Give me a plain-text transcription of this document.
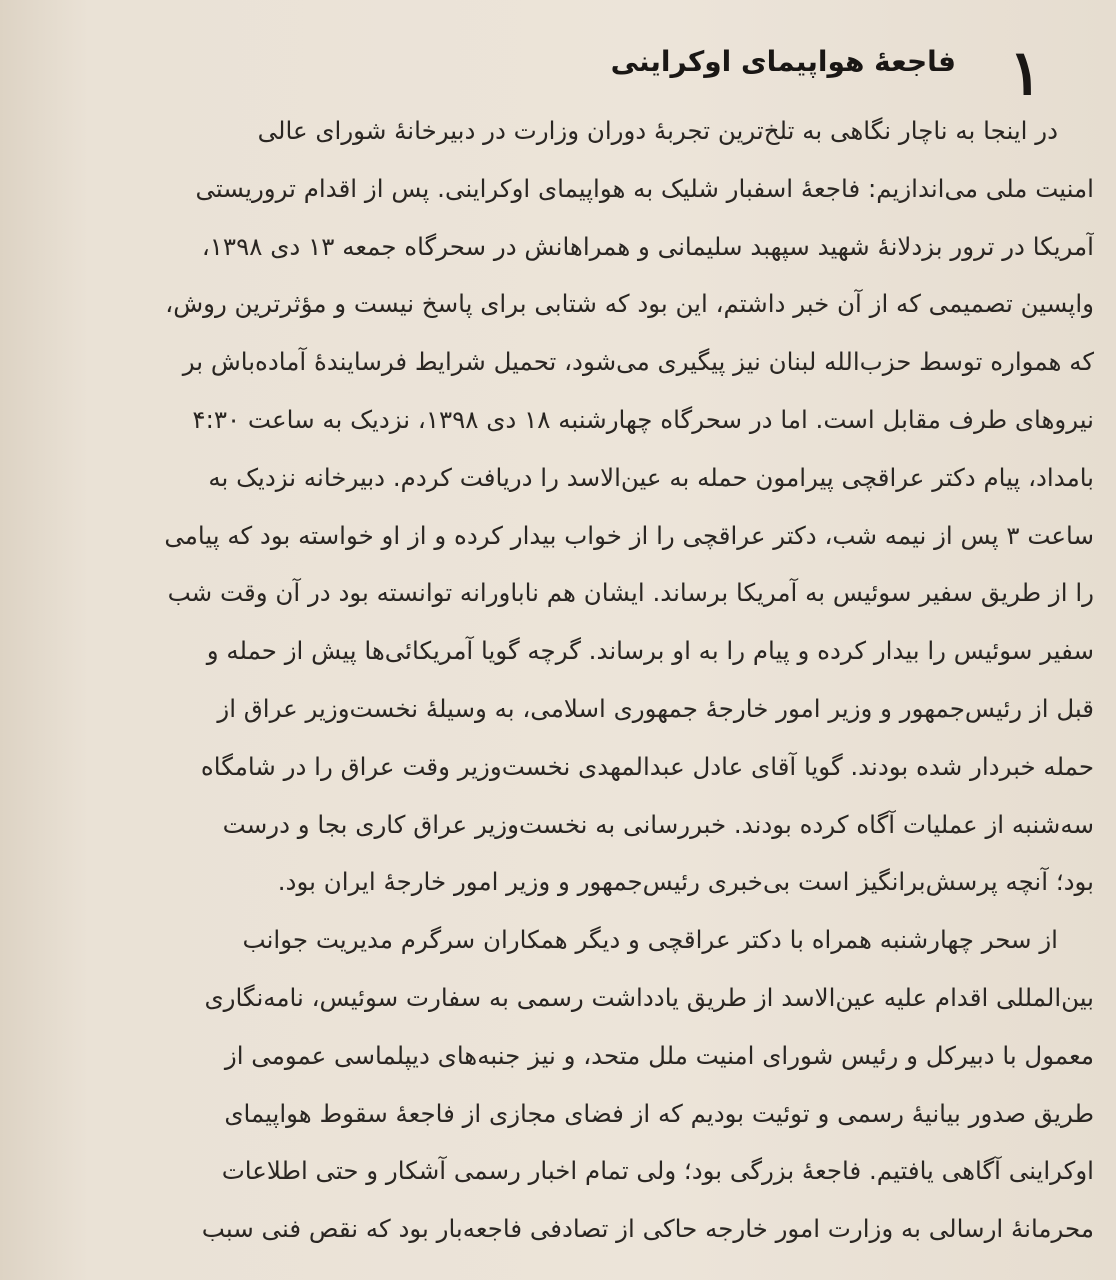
۱
فاجعهٔ هواپیمای اوکراینی
در اینجا به ناچار نگاهی به تلخ‌ترین تجربهٔ دوران وزارت در دبیرخانهٔ شورای عالی
امنیت ملی می‌اندازیم: فاجعهٔ اسفبار شلیک به هواپیمای اوکراینی. پس از اقدام تروریستی
آمریکا در ترور بزدلانهٔ شهید سپهبد سلیمانی و همراهانش در سحرگاه جمعه ۱۳ دی ۱۳۹۸،
واپسین تصمیمی که از آن خبر داشتم، این بود که شتابی برای پاسخ نیست و مؤثرترین روش،
که همواره توسط حزب‌الله لبنان نیز پیگیری می‌شود، تحمیل شرایط فرسایندهٔ آماده‌باش بر
نیروهای طرف مقابل است. اما در سحرگاه چهارشنبه ۱۸ دی ۱۳۹۸، نزدیک به ساعت ۴:۳۰
بامداد، پیام دکتر عراقچی پیرامون حمله به عین‌الاسد را دریافت کردم. دبیرخانه نزدیک به
ساعت ۳ پس از نیمه شب، دکتر عراقچی را از خواب بیدار کرده و از او خواسته بود که پیامی
را از طریق سفیر سوئیس به آمریکا برساند. ایشان هم ناباورانه توانسته بود در آن وقت شب
سفیر سوئیس را بیدار کرده و پیام را به او برساند. گرچه گویا آمریکائی‌ها پیش از حمله و
قبل از رئیس‌جمهور و وزیر امور خارجهٔ جمهوری اسلامی، به وسیلهٔ نخست‌وزیر عراق از
حمله خبردار شده بودند. گویا آقای عادل عبدالمهدی نخست‌وزیر وقت عراق را در شامگاه
سه‌شنبه از عملیات آگاه کرده بودند. خبررسانی به نخست‌وزیر عراق کاری بجا و درست
بود؛ آنچه پرسش‌برانگیز است بی‌خبری رئیس‌جمهور و وزیر امور خارجهٔ ایران بود.
از سحر چهارشنبه همراه با دکتر عراقچی و دیگر همکاران سرگرم مدیریت جوانب
بین‌المللی اقدام علیه عین‌الاسد از طریق یادداشت رسمی به سفارت سوئیس، نامه‌نگاری
معمول با دبیرکل و رئیس شورای امنیت ملل متحد، و نیز جنبه‌های دیپلماسی عمومی از
طریق صدور بیانیهٔ رسمی و توئیت بودیم که از فضای مجازی از فاجعهٔ سقوط هواپیمای
اوکراینی آگاهی یافتیم. فاجعهٔ بزرگی بود؛ ولی تمام اخبار رسمی آشکار و حتی اطلاعات
محرمانهٔ ارسالی به وزارت امور خارجه حاکی از تصادفی فاجعه‌بار بود که نقص فنی سبب
